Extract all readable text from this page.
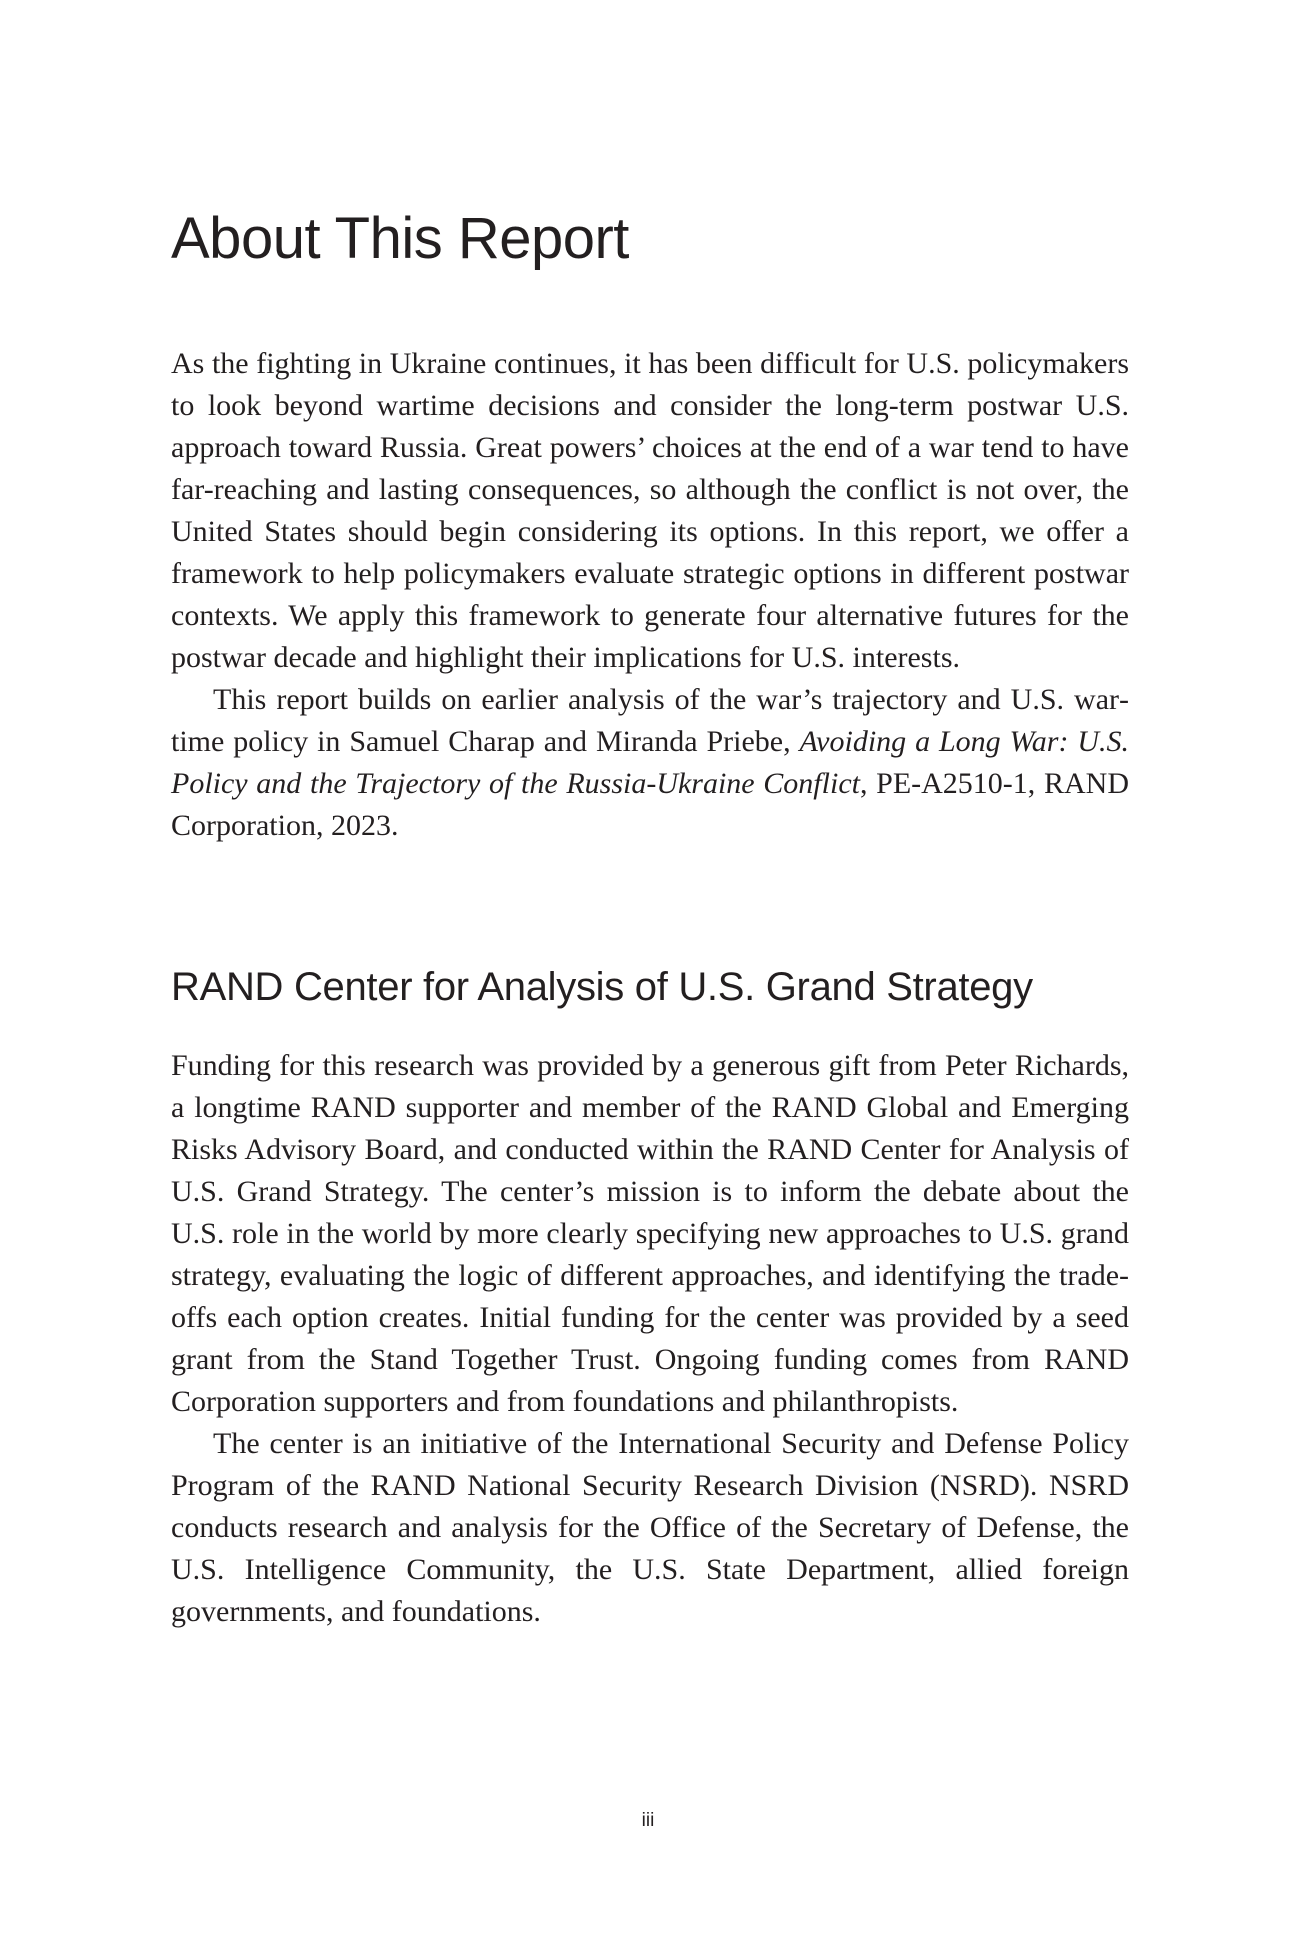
About This Report

As the fighting in Ukraine continues, it has been difficult for U.S. policymakers to look beyond wartime decisions and consider the long-term postwar U.S. approach toward Russia. Great powers’ choices at the end of a war tend to have far-reaching and lasting consequences, so although the conflict is not over, the United States should begin considering its options. In this report, we offer a framework to help policymakers evaluate strategic options in different postwar contexts. We apply this framework to generate four alternative futures for the postwar decade and highlight their implications for U.S. interests.

This report builds on earlier analysis of the war’s trajectory and U.S. wartime policy in Samuel Charap and Miranda Priebe, Avoiding a Long War: U.S. Policy and the Trajectory of the Russia-Ukraine Conflict, PE-A2510-1, RAND Corporation, 2023.

RAND Center for Analysis of U.S. Grand Strategy

Funding for this research was provided by a generous gift from Peter Richards, a longtime RAND supporter and member of the RAND Global and Emerging Risks Advisory Board, and conducted within the RAND Center for Analysis of U.S. Grand Strategy. The center’s mission is to inform the debate about the U.S. role in the world by more clearly specifying new approaches to U.S. grand strategy, evaluating the logic of different approaches, and identifying the trade-offs each option creates. Initial funding for the center was provided by a seed grant from the Stand Together Trust. Ongoing funding comes from RAND Corporation supporters and from foundations and philanthropists.

The center is an initiative of the International Security and Defense Policy Program of the RAND National Security Research Division (NSRD). NSRD conducts research and analysis for the Office of the Secretary of Defense, the U.S. Intelligence Community, the U.S. State Department, allied foreign governments, and foundations.

iii
